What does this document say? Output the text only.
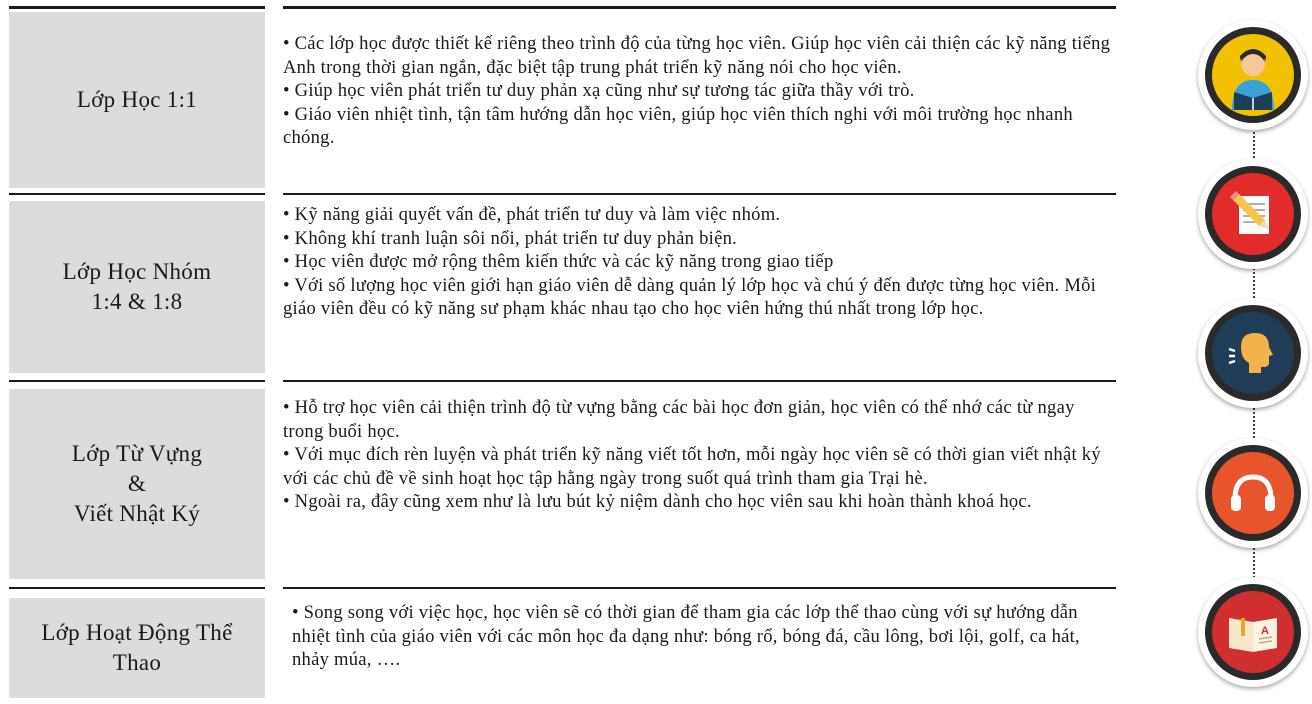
Lớp Học 1:1

• Các lớp học được thiết kế riêng theo trình độ của từng học viên. Giúp học viên cải thiện các kỹ năng tiếng Anh trong thời gian ngắn, đặc biệt tập trung phát triển kỹ năng nói cho học viên.

• Giúp học viên phát triển tư duy phản xạ cũng như sự tương tác giữa thầy với trò.

• Giáo viên nhiệt tình, tận tâm hướng dẫn học viên, giúp học viên thích nghi với môi trường học nhanh chóng.

Lớp Học Nhóm
1:4 & 1:8

• Kỹ năng giải quyết vấn đề, phát triển tư duy và làm việc nhóm.

• Không khí tranh luận sôi nổi, phát triển tư duy phản biện.

• Học viên được mở rộng thêm kiến thức và các kỹ năng trong giao tiếp

• Với số lượng học viên giới hạn giáo viên dễ dàng quản lý lớp học và chú ý đến được từng học viên. Mỗi giáo viên đều có kỹ năng sư phạm khác nhau tạo cho học viên hứng thú nhất trong lớp học.

Lớp Từ Vựng
&
Viết Nhật Ký

• Hỗ trợ học viên cải thiện trình độ từ vựng bằng các bài học đơn giản, học viên có thể nhớ các từ ngay trong buổi học.

• Với mục đích rèn luyện và phát triển kỹ năng viết tốt hơn, mỗi ngày học viên sẽ có thời gian viết nhật ký với các chủ đề về sinh hoạt học tập hằng ngày trong suốt quá trình tham gia Trại hè.

• Ngoài ra, đây cũng xem như là lưu bút kỷ niệm dành cho học viên sau khi hoàn thành khoá học.

Lớp Hoạt Động Thể
Thao

• Song song với việc học, học viên sẽ có thời gian để tham gia các lớp thể thao cùng với sự hướng dẫn nhiệt tình của giáo viên với các môn học đa dạng như: bóng rổ, bóng đá, cầu lông, bơi lội, golf, ca hát, nhảy múa, ….

A
